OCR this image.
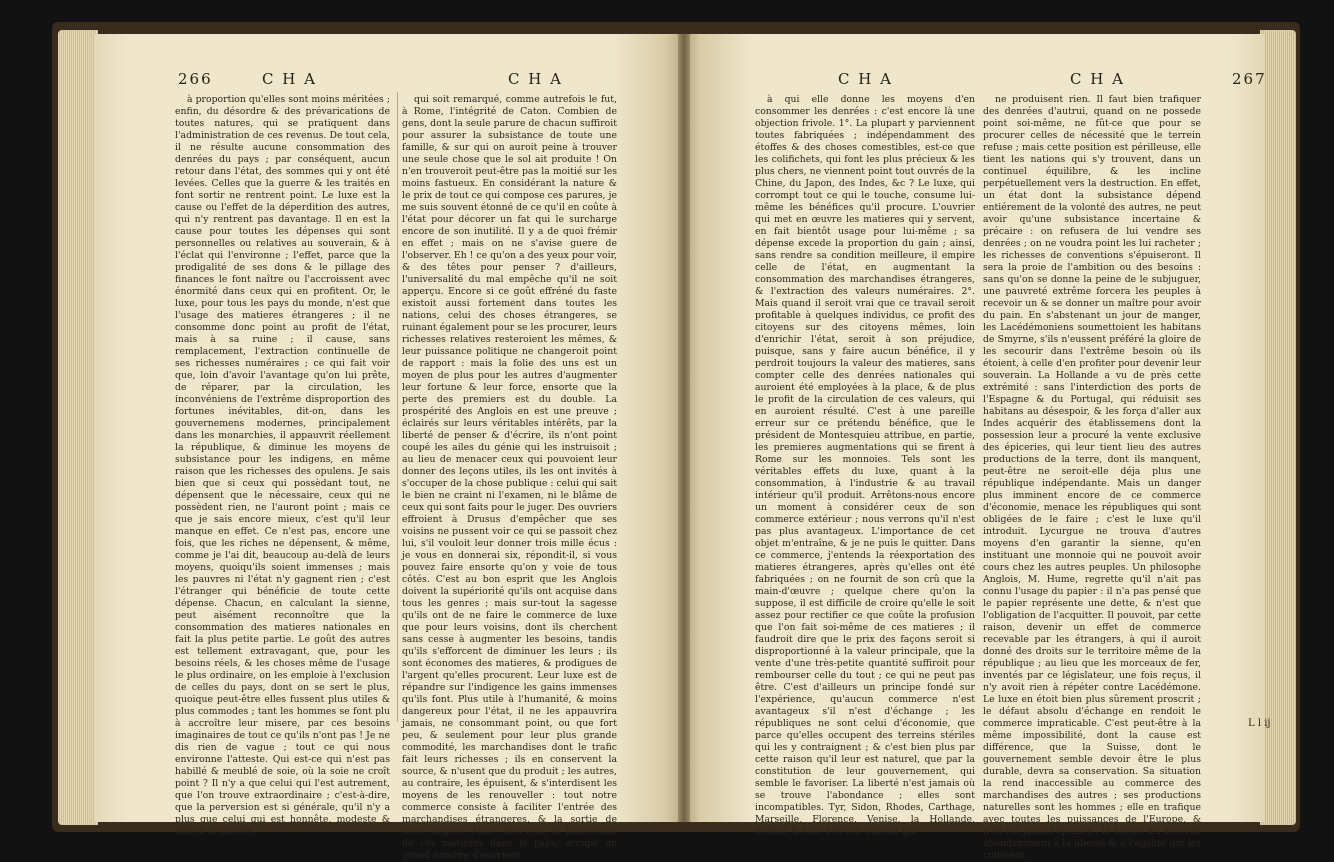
266	C H A	C H A	C H A	C H A	267

à proportion qu'elles sont moins méritées ; enfin, du désordre & des prévarications de toutes natures, qui se pratiquent dans l'administration de ces revenus. De tout cela, il ne résulte aucune consommation des denrées du pays ; par conséquent, aucun retour dans l'état, des sommes qui y ont été levées. Celles que la guerre & les traités en font sortir ne rentrent point. Le luxe est la cause ou l'effet de la déperdition des autres, qui n'y rentrent pas davantage. Il en est la cause pour toutes les dépenses qui sont personnelles ou relatives au souverain, & à l'éclat qui l'environne ; l'effet, parce que la prodigalité de ses dons & le pillage des finances le font naître ou l'accroissent avec énormité dans ceux qui en profitent. Or, le luxe, pour tous les pays du monde, n'est que l'usage des matieres étrangeres ; il ne consomme donc point au profit de l'état, mais à sa ruine ; il cause, sans remplacement, l'extraction continuelle de ses richesses numéraires ; ce qui fait voir que, loin d'avoir l'avantage qu'on lui prête, de réparer, par la circulation, les inconvéniens de l'extrême disproportion des fortunes inévitables, dit-on, dans les gouvernemens modernes, principalement dans les monarchies, il appauvrit réellement la république, & diminue les moyens de subsistance pour les indigens, en même raison que les richesses des opulens. Je sais bien que si ceux qui possèdant tout, ne dépensent que le nécessaire, ceux qui ne possèdent rien, ne l'auront point ; mais ce que je sais encore mieux, c'est qu'il leur manque en effet. Ce n'est pas, encore une fois, que les riches ne dépensent, & même, comme je l'ai dit, beaucoup au-delà de leurs moyens, quoiqu'ils soient immenses ; mais les pauvres ni l'état n'y gagnent rien ; c'est l'étranger qui bénéficie de toute cette dépense. Chacun, en calculant la sienne, peut aisément reconnoître que la consommation des matieres nationales en fait la plus petite partie. Le goût des autres est tellement extravagant, que, pour les besoins réels, & les choses même de l'usage le plus ordinaire, on les emploie à l'exclusion de celles du pays, dont on se sert le plus, quoique peut-être elles fussent plus utiles & plus commodes ; tant les hommes se font plu à accroître leur misere, par ces besoins imaginaires de tout ce qu'ils n'ont pas ! Je ne dis rien de vague ; tout ce qui nous environne l'atteste. Qui est-ce qui n'est pas habillé & meublé de soie, où la soie ne croît point ? Il n'y a que celui qui l'est autrement, que l'on trouve extraordinaire ; c'est-à-dire, que la perversion est si générale, qu'il n'y a plus que celui qui est honnête, modeste & utile à la société,

qui soit remarqué, comme autrefois le fut, à Rome, l'intégrité de Caton. Combien de gens, dont la seule parure de chacun suffiroit pour assurer la subsistance de toute une famille, & sur qui on auroit peine à trouver une seule chose que le sol ait produite ! On n'en trouveroit peut-être pas la moitié sur les moins fastueux. En considérant la nature & le prix de tout ce qui compose ces parures, je me suis souvent étonné de ce qu'il en coûte à l'état pour décorer un fat qui le surcharge encore de son inutilité. Il y a de quoi frémir en effet ; mais on ne s'avise guere de l'observer. Eh ! ce qu'on a des yeux pour voir, & des têtes pour penser ? d'ailleurs, l'universalité du mal empêche qu'il ne soit apperçu. Encore si ce goût effréné du faste existoit aussi fortement dans toutes les nations, celui des choses étrangeres, se ruinant également pour se les procurer, leurs richesses relatives resteroient les mêmes, & leur puissance politique ne changeroit point de rapport : mais la folie des uns est un moyen de plus pour les autres d'augmenter leur fortune & leur force, ensorte que la perte des premiers est du double. La prospérité des Anglois en est une preuve ; éclairés sur leurs véritables intérêts, par la liberté de penser & d'écrire, ils n'ont point coupé les ailes du génie qui les instruisoit ; au lieu de menacer ceux qui pouvoient leur donner des leçons utiles, ils les ont invités à s'occuper de la chose publique : celui qui sait le bien ne craint ni l'examen, ni le blâme de ceux qui sont faits pour le juger. Des ouvriers effroient à Drusus d'empêcher que ses voisins ne pussent voir ce qui se passoit chez lui, s'il vouloit leur donner trois mille écus : je vous en donnerai six, répondit-il, si vous pouvez faire ensorte qu'on y voie de tous côtés. C'est au bon esprit que les Anglois doivent la supériorité qu'ils ont acquise dans tous les genres ; mais sur-tout la sagesse qu'ils ont de ne faire le commerce de luxe que pour leurs voisins, dont ils cherchent sans cesse à augmenter les besoins, tandis qu'ils s'efforcent de diminuer les leurs ; ils sont économes des matieres, & prodigues de l'argent qu'elles procurent. Leur luxe est de répandre sur l'indigence les gains immenses qu'ils font. Plus utile à l'humanité, & moins dangereux pour l'état, il ne les appauvrira jamais, ne consommant point, ou que fort peu, & seulement pour leur plus grande commodité, les marchandises dont le trafic fait leurs richesses ; ils en conservent la source, & n'usent que du produit ; les autres, au contraire, les épuisent, & s'interdisent les moyens de les renouveller : tout notre commerce consiste à faciliter l'entrée des marchandises étrangeres, & la sortie de notre argent. Mais, dira-t-on, la fabrication de ces matieres dans le pays, occupe un grand nombre d'ouvriers

à qui elle donne les moyens d'en consommer les denrées : c'est encore là une objection frivole. 1°. La plupart y parviennent toutes fabriquées ; indépendamment des étoffes & des choses comestibles, est-ce que les colifichets, qui font les plus précieux & les plus chers, ne viennent point tout ouvrés de la Chine, du Japon, des Indes, &c ? Le luxe, qui corrompt tout ce qui le touche, consume lui-même les bénéfices qu'il procure. L'ouvrier qui met en œuvre les matieres qui y servent, en fait bientôt usage pour lui-même ; sa dépense excede la proportion du gain ; ainsi, sans rendre sa condition meilleure, il empire celle de l'état, en augmentant la consommation des marchandises étrangeres, & l'extraction des valeurs numéraires. 2°. Mais quand il seroit vrai que ce travail seroit profitable à quelques individus, ce profit des citoyens sur des citoyens mêmes, loin d'enrichir l'état, seroit à son préjudice, puisque, sans y faire aucun bénéfice, il y perdroit toujours la valeur des matieres, sans compter celle des denrées nationales qui auroient été employées à la place, & de plus le profit de la circulation de ces valeurs, qui en auroient résulté. C'est à une pareille erreur sur ce prétendu bénéfice, que le président de Montesquieu attribue, en partie, les premieres augmentations qui se firent à Rome sur les monnoies. Tels sont les véritables effets du luxe, quant à la consommation, à l'industrie & au travail intérieur qu'il produit. Arrêtons-nous encore un moment à considérer ceux de son commerce extérieur ; nous verrons qu'il n'est pas plus avantageux. L'importance de cet objet m'entraîne, & je ne puis le quitter. Dans ce commerce, j'entends la réexportation des matieres étrangeres, après qu'elles ont été fabriquées ; on ne fournit de son crû que la main-d'œuvre ; quelque chere qu'on la suppose, il est difficile de croire qu'elle le soit assez pour rectifier ce que coûte la profusion que l'on fait soi-même de ces matieres ; il faudroit dire que le prix des façons seroit si disproportionné à la valeur principale, que la vente d'une très-petite quantité suffiroit pour rembourser celle du tout ; ce qui ne peut pas être. C'est d'ailleurs un principe fondé sur l'expérience, qu'aucun commerce n'est avantageux s'il n'est d'échange ; les républiques ne sont celui d'économie, que parce qu'elles occupent des terreins stériles qui les y contraignent ; & c'est bien plus par cette raison qu'il leur est naturel, que par la constitution de leur gouvernement, qui semble le favoriser. La liberté n'est jamais où se trouve l'abondance ; elles sont incompatibles. Tyr, Sidon, Rhodes, Carthage, Marseille, Florence, Venise, la Hollande, étoient & sont des sols ingrats qui

ne produisent rien. Il faut bien trafiquer des denrées d'autrui, quand on ne possede point soi-même, ne fût-ce que pour se procurer celles de nécessité que le terrein refuse ; mais cette position est périlleuse, elle tient les nations qui s'y trouvent, dans un continuel équilibre, & les incline perpétuellement vers la destruction. En effet, un état dont la subsistance dépend entiérement de la volonté des autres, ne peut avoir qu'une subsistance incertaine & précaire : on refusera de lui vendre ses denrées ; on ne voudra point les lui racheter ; les richesses de conventions s'épuiseront. Il sera la proie de l'ambition ou des besoins : sans qu'on se donne la peine de le subjuguer, une pauvreté extrême forcera les peuples à recevoir un & se donner un maître pour avoir du pain. En s'abstenant un jour de manger, les Lacédémoniens soumettoient les habitans de Smyrne, s'ils n'eussent préféré la gloire de les secourir dans l'extrême besoin où ils étoient, à celle d'en profiter pour devenir leur souverain. La Hollande a vu de près cette extrémité : sans l'interdiction des ports de l'Espagne & du Portugal, qui réduisit ses habitans au désespoir, & les força d'aller aux Indes acquérir des établissemens dont la possession leur a procuré la vente exclusive des épiceries, qui leur tient lieu des autres productions de la terre, dont ils manquent, peut-être ne seroit-elle déja plus une république indépendante. Mais un danger plus imminent encore de ce commerce d'économie, menace les républiques qui sont obligées de le faire ; c'est le luxe qu'il introduit. Lycurgue ne trouva d'autres moyens d'en garantir la sienne, qu'en instituant une monnoie qui ne pouvoit avoir cours chez les autres peuples. Un philosophe Anglois, M. Hume, regrette qu'il n'ait pas connu l'usage du papier : il n'a pas pensé que le papier représente une dette, & n'est que l'obligation de l'acquitter. Il pouvoit, par cette raison, devenir un effet de commerce recevable par les étrangers, à qui il auroit donné des droits sur le territoire même de la république ; au lieu que les morceaux de fer, inventés par ce législateur, une fois reçus, il n'y avoit rien à répéter contre Lacédémone. Le luxe en étoit bien plus sûrement proscrit ; le défaut absolu d'échange en rendoit le commerce impraticable. C'est peut-être à la même impossibilité, dont la cause est différence, que la Suisse, dont le gouvernement semble devoir être le plus durable, devra sa conservation. Sa situation la rend inaccessible au commerce des marchandises des autres ; ses productions naturelles sont les hommes ; elle en trafique avec toutes les puissances de l'Europe, & n'en est jamais épuisée ; la nature les accorde abondamment à la liberté & à l'égalité qui les cultivent.

L l ij
